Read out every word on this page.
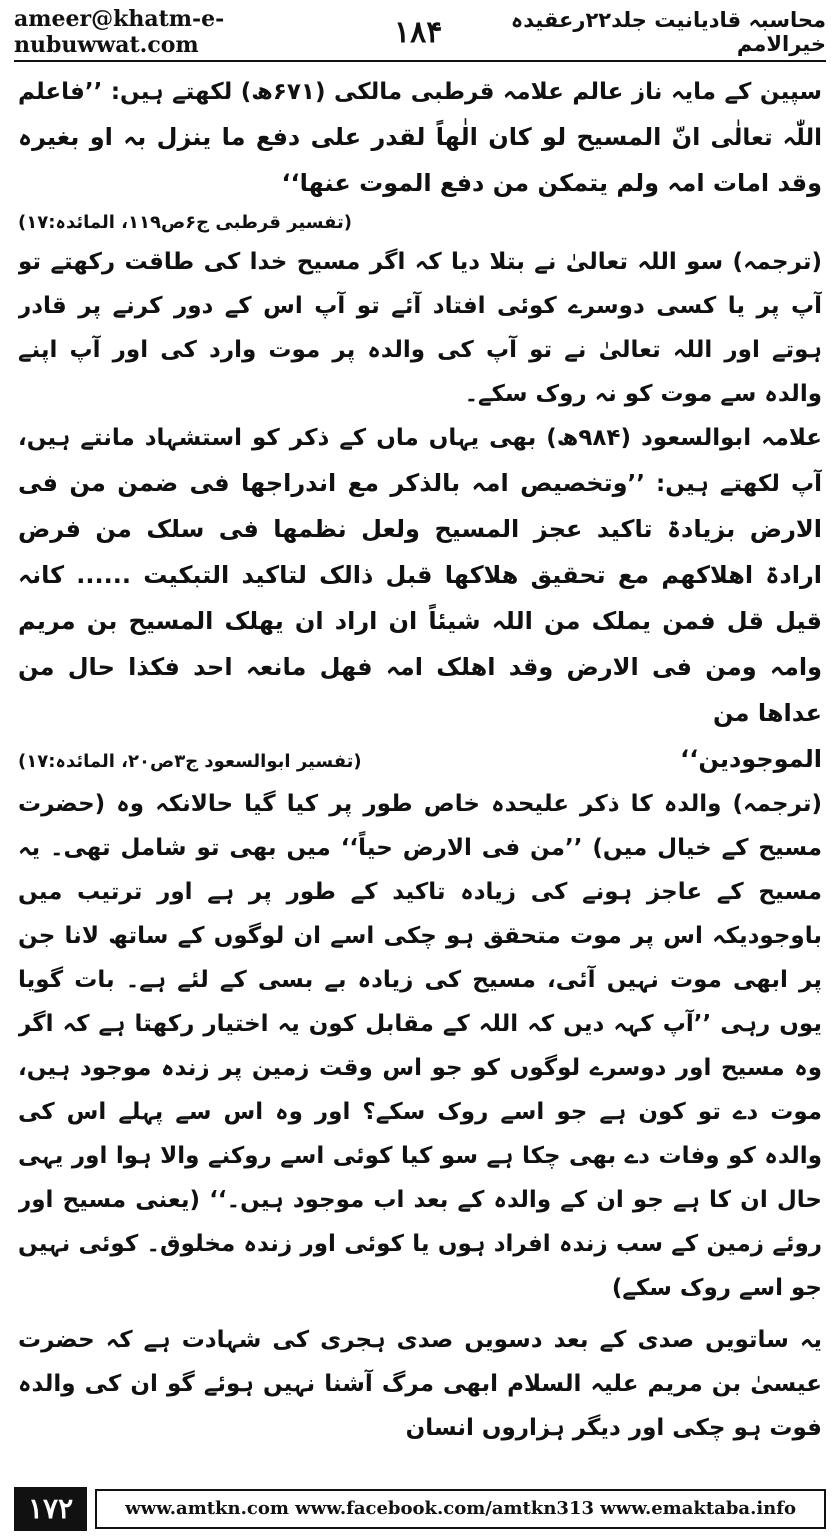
ameer@khatm-e-nubuwwat.com	۱۸۴	محاسبہ قادیانیت جلد۲۲رعقیدہ خیرالامم

سپین کے مایہ ناز عالم علامہ قرطبی مالکی (۶۷۱ھ) لکھتے ہیں: ’’فاعلم اللّٰہ تعالٰی انّ المسیح لو کان الٰھاً لقدر علی دفع ما ینزل بہ او بغیرہ وقد امات امہ ولم یتمکن من دفع الموت عنھا‘‘
(تفسیر قرطبی ج۶ص۱۱۹، المائدہ:۱۷)

(ترجمہ) سو اللہ تعالیٰ نے بتلا دیا کہ اگر مسیح خدا کی طاقت رکھتے تو آپ پر یا کسی دوسرے کوئی افتاد آئے تو آپ اس کے دور کرنے پر قادر ہوتے اور اللہ تعالیٰ نے تو آپ کی والدہ پر موت وارد کی اور آپ اپنے والدہ سے موت کو نہ روک سکے۔

علامہ ابوالسعود (۹۸۴ھ) بھی یہاں ماں کے ذکر کو استشہاد مانتے ہیں، آپ لکھتے ہیں: ’’وتخصیص امہ بالذکر مع اندراجھا فی ضمن من فی الارض بزیادۃ تاکید عجز المسیح ولعل نظمھا فی سلک من فرض ارادۃ اھلاکھم مع تحقیق ھلاکھا قبل ذالک لتاکید التبکیت ...... کانہ قیل قل فمن یملک من اللہ شیئاً ان اراد ان یھلک المسیح بن مریم وامہ ومن فی الارض وقد اھلک امہ فھل مانعہ احد فکذا حال من عداھا من

الموجودین‘‘
(تفسیر ابوالسعود ج۳ص۲۰، المائدہ:۱۷)

(ترجمہ) والدہ کا ذکر علیحدہ خاص طور پر کیا گیا حالانکہ وہ (حضرت مسیح کے خیال میں) ’’من فی الارض حیاً‘‘ میں بھی تو شامل تھی۔ یہ مسیح کے عاجز ہونے کی زیادہ تاکید کے طور پر ہے اور ترتیب میں باوجودیکہ اس پر موت متحقق ہو چکی اسے ان لوگوں کے ساتھ لانا جن پر ابھی موت نہیں آئی، مسیح کی زیادہ بے بسی کے لئے ہے۔ بات گویا یوں رہی ’’آپ کہہ دیں کہ اللہ کے مقابل کون یہ اختیار رکھتا ہے کہ اگر وہ مسیح اور دوسرے لوگوں کو جو اس وقت زمین پر زندہ موجود ہیں، موت دے تو کون ہے جو اسے روک سکے؟ اور وہ اس سے پہلے اس کی والدہ کو وفات دے بھی چکا ہے سو کیا کوئی اسے روکنے والا ہوا اور یہی حال ان کا ہے جو ان کے والدہ کے بعد اب موجود ہیں۔‘‘ (یعنی مسیح اور روئے زمین کے سب زندہ افراد ہوں یا کوئی اور زندہ مخلوق۔ کوئی نہیں جو اسے روک سکے)

یہ ساتویں صدی کے بعد دسویں صدی ہجری کی شہادت ہے کہ حضرت عیسیٰ بن مریم علیہ السلام ابھی مرگ آشنا نہیں ہوئے گو ان کی والدہ فوت ہو چکی اور دیگر ہزاروں انسان

۱۷۲	www.amtkn.com www.facebook.com/amtkn313 www.emaktaba.info
